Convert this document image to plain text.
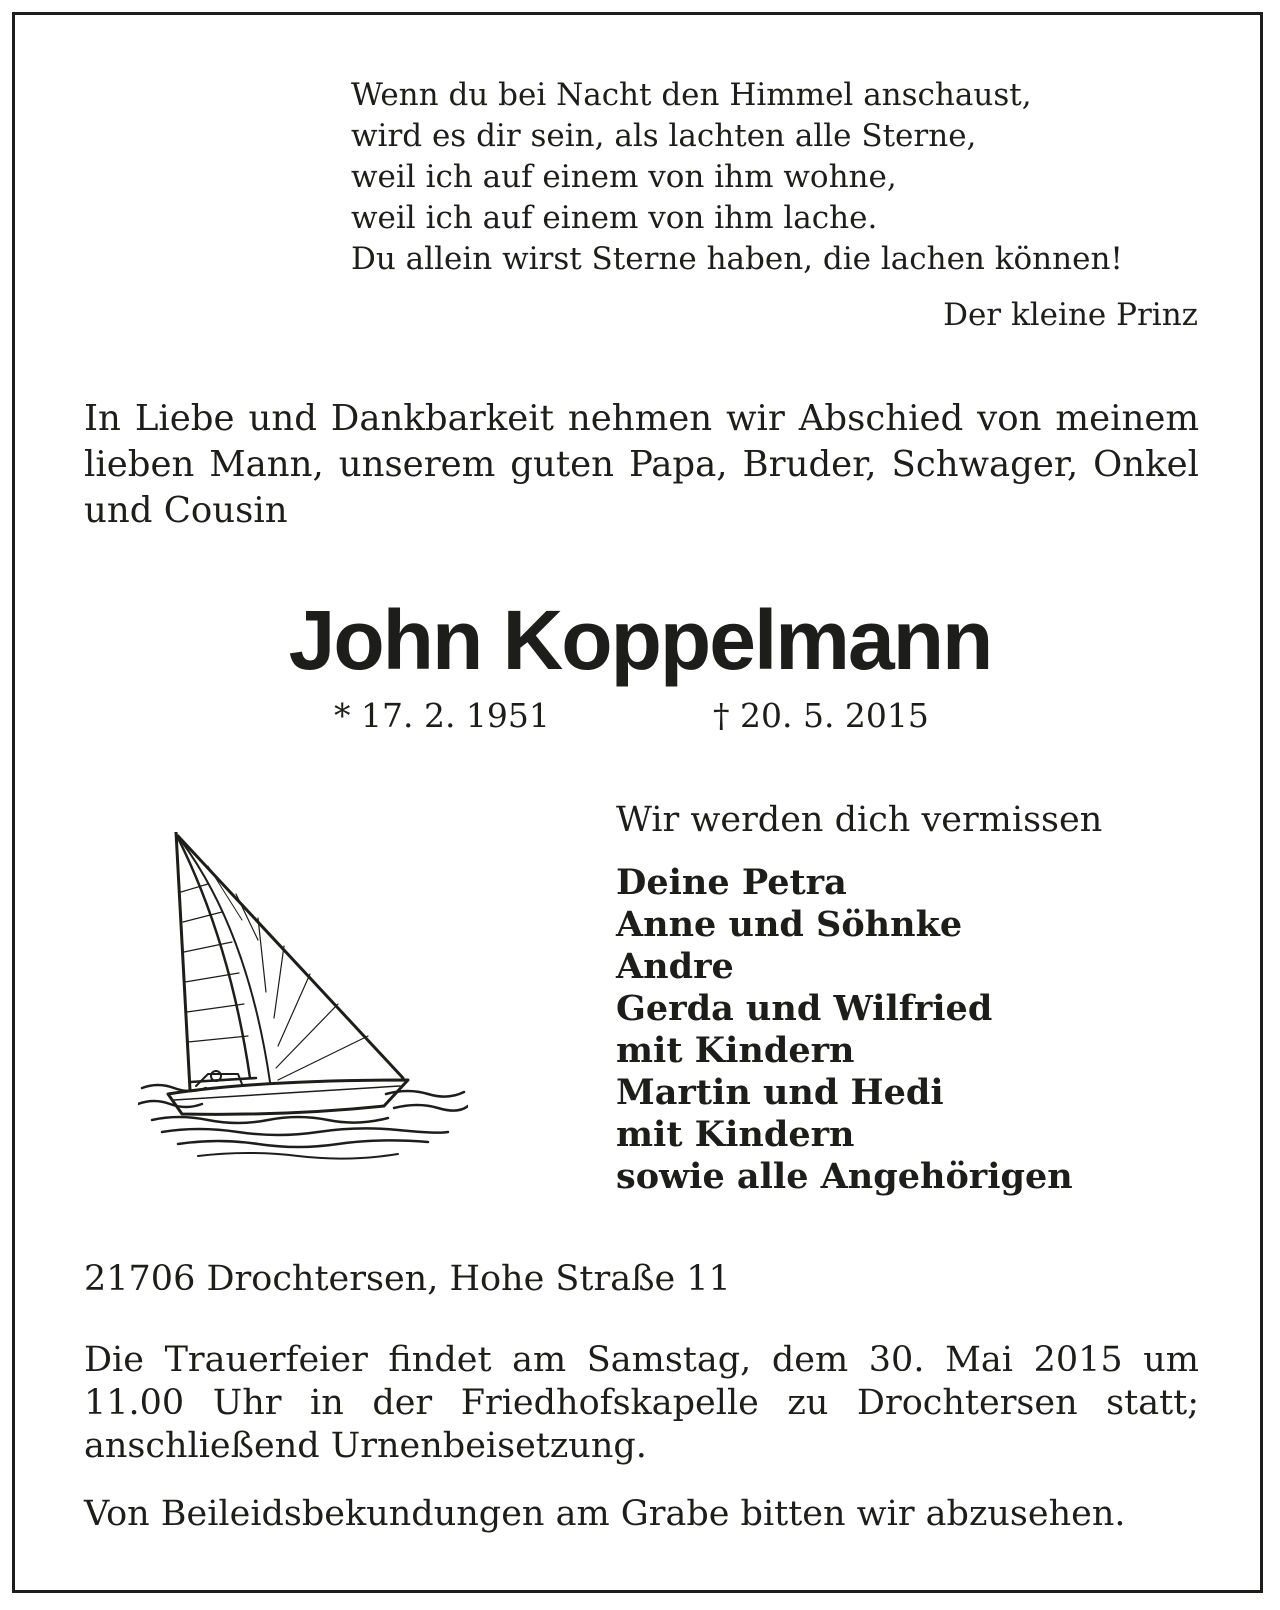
Wenn du bei Nacht den Himmel anschaust,
wird es dir sein, als lachten alle Sterne,
weil ich auf einem von ihm wohne,
weil ich auf einem von ihm lache.
Du allein wirst Sterne haben, die lachen können!
Der kleine Prinz
In Liebe und Dankbarkeit nehmen wir Abschied von meinem lieben Mann, unserem guten Papa, Bruder, Schwager, Onkel und Cousin
John Koppelmann
* 17. 2. 1951	† 20. 5. 2015
Wir werden dich vermissen
Deine Petra
Anne und Söhnke
Andre
Gerda und Wilfried
mit Kindern
Martin und Hedi
mit Kindern
sowie alle Angehörigen
21706 Drochtersen, Hohe Straße 11
Die Trauerfeier findet am Samstag, dem 30. Mai 2015 um 11.00 Uhr in der Friedhofskapelle zu Drochtersen statt; anschließend Urnenbeisetzung.
Von Beileidsbekundungen am Grabe bitten wir abzusehen.
